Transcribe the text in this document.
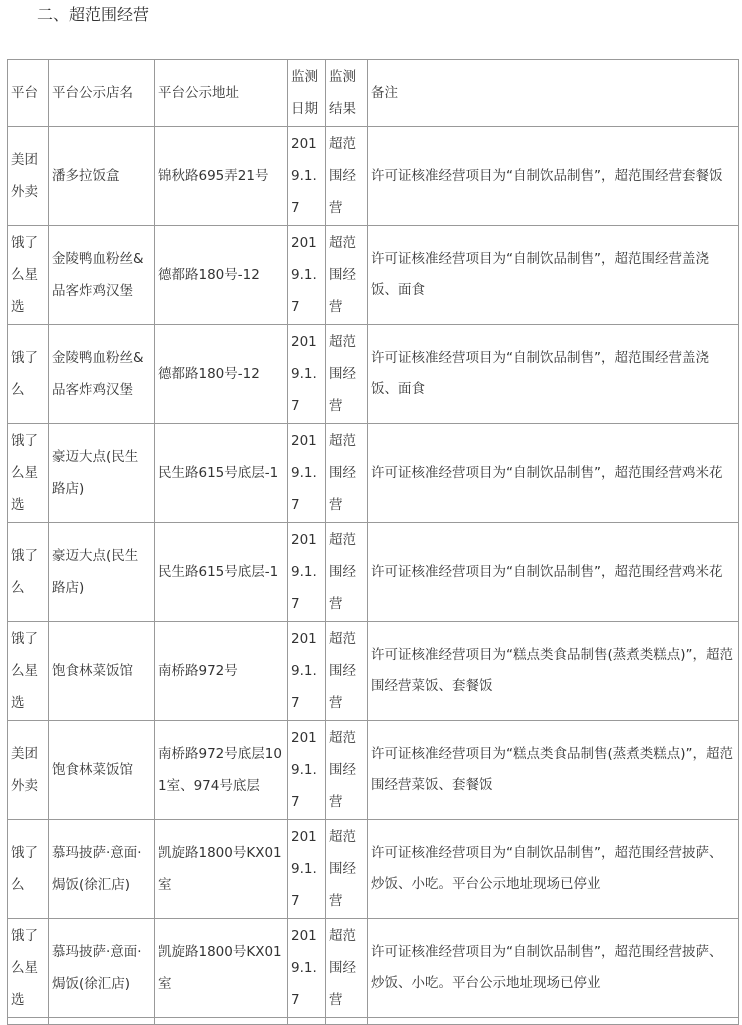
二、超范围经营
平台	平台公示店名	平台公示地址	监测日期	监测结果	备注
美团外卖	潘多拉饭盒	锦秋路695弄21号	2019.1.7	超范围经营	许可证核准经营项目为“自制饮品制售”，超范围经营套餐饭
饿了么星选	金陵鸭血粉丝&品客炸鸡汉堡	德都路180号-12	2019.1.7	超范围经营	许可证核准经营项目为“自制饮品制售”，超范围经营盖浇饭、面食
饿了么	金陵鸭血粉丝&品客炸鸡汉堡	德都路180号-12	2019.1.7	超范围经营	许可证核准经营项目为“自制饮品制售”，超范围经营盖浇饭、面食
饿了么星选	豪迈大点(民生路店)	民生路615号底层-1	2019.1.7	超范围经营	许可证核准经营项目为“自制饮品制售”，超范围经营鸡米花
饿了么	豪迈大点(民生路店)	民生路615号底层-1	2019.1.7	超范围经营	许可证核准经营项目为“自制饮品制售”，超范围经营鸡米花
饿了么星选	饱食林菜饭馆	南桥路972号	2019.1.7	超范围经营	许可证核准经营项目为“糕点类食品制售(蒸煮类糕点)”，超范围经营菜饭、套餐饭
美团外卖	饱食林菜饭馆	南桥路972号底层101室、974号底层	2019.1.7	超范围经营	许可证核准经营项目为“糕点类食品制售(蒸煮类糕点)”，超范围经营菜饭、套餐饭
饿了么	慕玛披萨·意面·焗饭(徐汇店)	凯旋路1800号KX01室	2019.1.7	超范围经营	许可证核准经营项目为“自制饮品制售”，超范围经营披萨、炒饭、小吃。平台公示地址现场已停业
饿了么星选	慕玛披萨·意面·焗饭(徐汇店)	凯旋路1800号KX01室	2019.1.7	超范围经营	许可证核准经营项目为“自制饮品制售”，超范围经营披萨、炒饭、小吃。平台公示地址现场已停业
